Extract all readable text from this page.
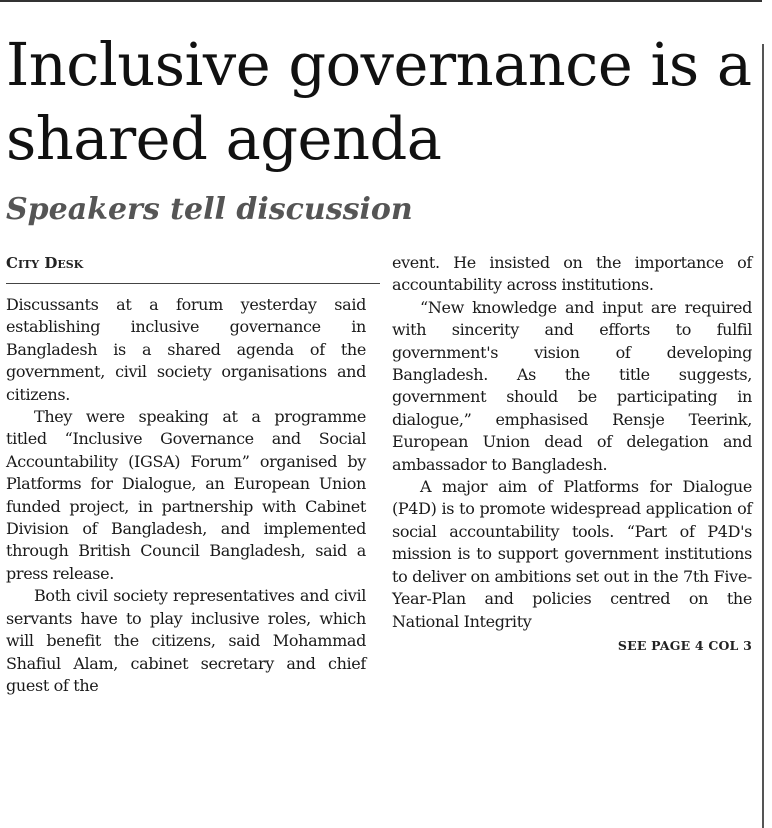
Inclusive governance is a shared agenda
Speakers tell discussion
City Desk

Discussants at a forum yesterday said establishing inclusive governance in Bangladesh is a shared agenda of the government, civil society organisations and citizens.

They were speaking at a programme titled “Inclusive Governance and Social Accountability (IGSA) Forum” organised by Platforms for Dialogue, an European Union funded project, in partnership with Cabinet Division of Bangladesh, and implemented through British Council Bangladesh, said a press release.

Both civil society representatives and civil servants have to play inclusive roles, which will benefit the citizens, said Mohammad Shafiul Alam, cabinet secretary and chief guest of the

event. He insisted on the importance of accountability across institutions.

“New knowledge and input are required with sincerity and efforts to fulfil government's vision of developing Bangladesh. As the title suggests, government should be participating in dialogue,” emphasised Rensje Teerink, European Union dead of delegation and ambassador to Bangladesh.

A major aim of Platforms for Dialogue (P4D) is to promote widespread application of social accountability tools. “Part of P4D's mission is to support government institutions to deliver on ambitions set out in the 7th Five-Year-Plan and policies centred on the National Integrity

SEE PAGE 4 COL 3
